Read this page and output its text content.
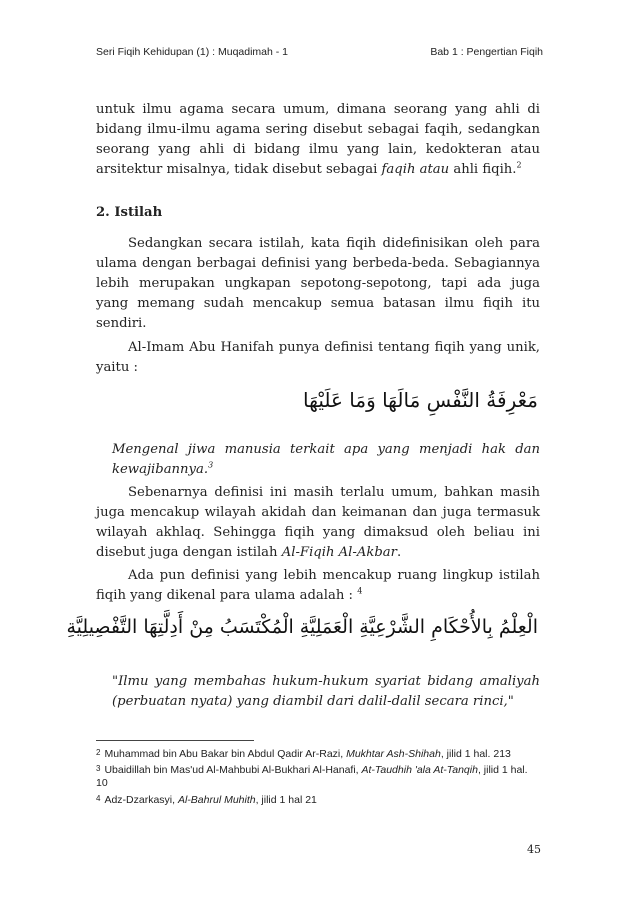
Seri Fiqih Kehidupan (1) : Muqadimah - 1	Bab 1 : Pengertian Fiqih

untuk ilmu agama secara umum, dimana seorang yang ahli di bidang ilmu-ilmu agama sering disebut sebagai faqih, sedangkan seorang yang ahli di bidang ilmu yang lain, kedokteran atau arsitektur misalnya, tidak disebut sebagai faqih atau ahli fiqih.$^2$

2. Istilah

Sedangkan secara istilah, kata fiqih didefinisikan oleh para ulama dengan berbagai definisi yang berbeda-beda. Sebagiannya lebih merupakan ungkapan sepotong-sepotong, tapi ada juga yang memang sudah mencakup semua batasan ilmu fiqih itu sendiri.

Al-Imam Abu Hanifah punya definisi tentang fiqih yang unik, yaitu :

مَعْرِفَةُ النَّفْسِ مَالَهَا وَمَا عَلَيْهَا

Mengenal jiwa manusia terkait apa yang menjadi hak dan kewajibannya.$^3$

Sebenarnya definisi ini masih terlalu umum, bahkan masih juga mencakup wilayah akidah dan keimanan dan juga termasuk wilayah akhlaq. Sehingga fiqih yang dimaksud oleh beliau ini disebut juga dengan istilah Al-Fiqih Al-Akbar.

Ada pun definisi yang lebih mencakup ruang lingkup istilah fiqih yang dikenal para ulama adalah : $^4$

الْعِلْمُ بِالأُحْكَامِ الشَّرْعِيَّةِ الْعَمَلِيَّةِ الْمُكْتَسَبُ مِنْ أَدِلَّتِهَا التَّفْصِيلِيَّةِ

"Ilmu yang membahas hukum-hukum syariat bidang amaliyah (perbuatan nyata) yang diambil dari dalil-dalil secara rinci,"

2 Muhammad bin Abu Bakar bin Abdul Qadir Ar-Razi, Mukhtar Ash-Shihah, jilid 1 hal. 213
3 Ubaidillah bin Mas'ud Al-Mahbubi Al-Bukhari Al-Hanafi, At-Taudhih 'ala At-Tanqih, jilid 1 hal.
10
4 Adz-Dzarkasyi, Al-Bahrul Muhith, jilid 1 hal 21
45
